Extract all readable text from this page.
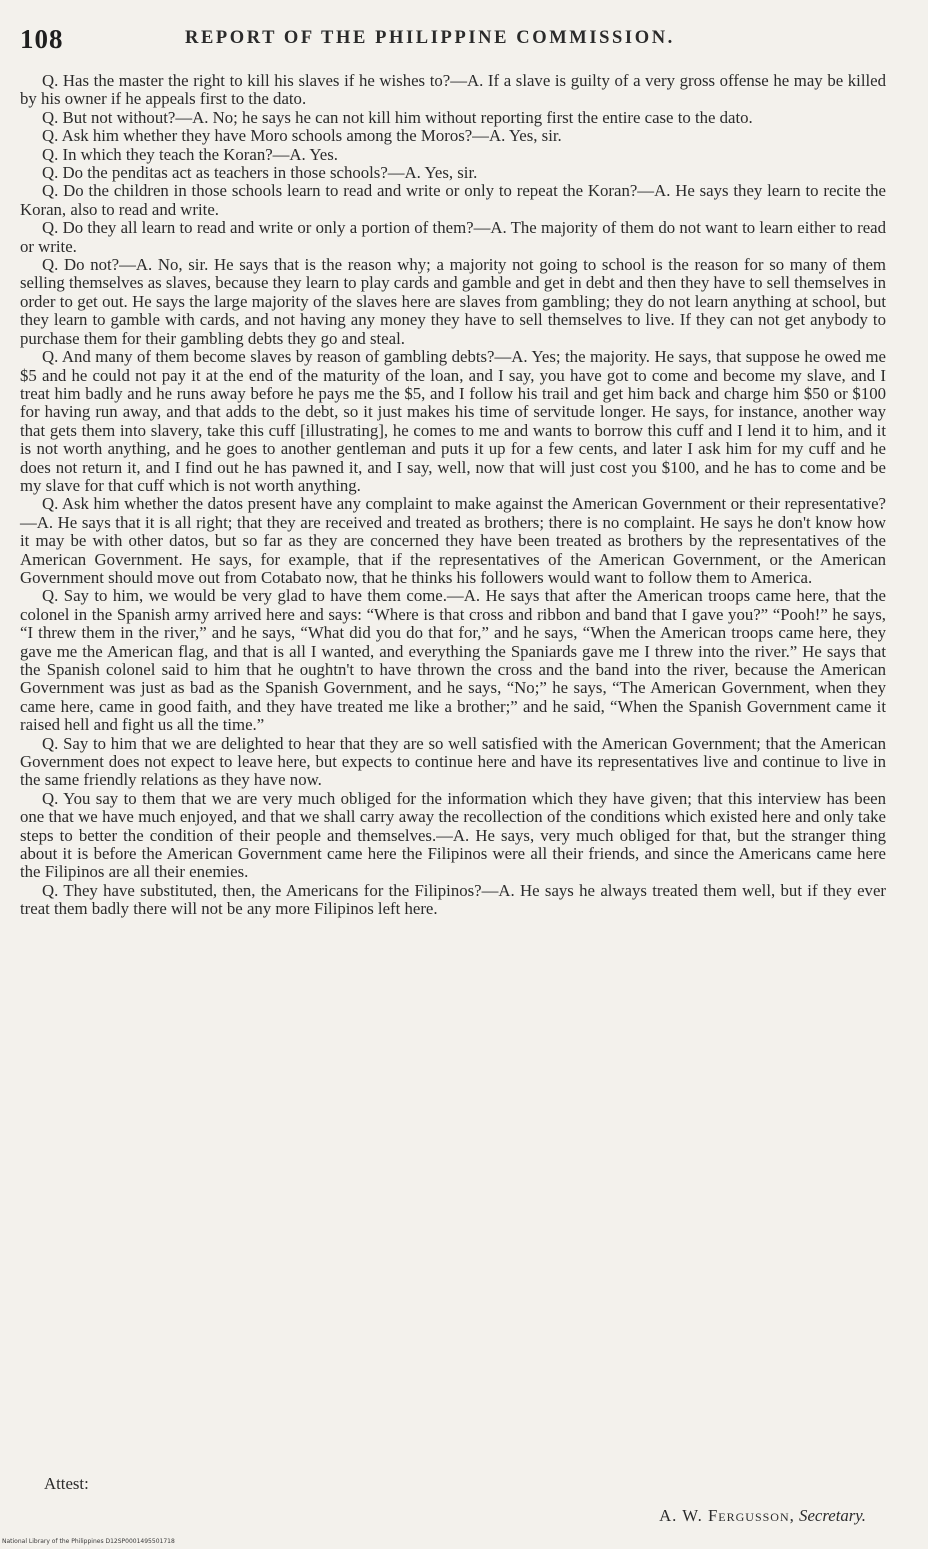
108	REPORT OF THE PHILIPPINE COMMISSION.

Q. Has the master the right to kill his slaves if he wishes to?—A. If a slave is guilty of a very gross offense he may be killed by his owner if he appeals first to the dato.

Q. But not without?—A. No; he says he can not kill him without reporting first the entire case to the dato.

Q. Ask him whether they have Moro schools among the Moros?—A. Yes, sir.

Q. In which they teach the Koran?—A. Yes.

Q. Do the penditas act as teachers in those schools?—A. Yes, sir.

Q. Do the children in those schools learn to read and write or only to repeat the Koran?—A. He says they learn to recite the Koran, also to read and write.

Q. Do they all learn to read and write or only a portion of them?—A. The majority of them do not want to learn either to read or write.

Q. Do not?—A. No, sir. He says that is the reason why; a majority not going to school is the reason for so many of them selling themselves as slaves, because they learn to play cards and gamble and get in debt and then they have to sell themselves in order to get out. He says the large majority of the slaves here are slaves from gambling; they do not learn anything at school, but they learn to gamble with cards, and not having any money they have to sell themselves to live. If they can not get anybody to purchase them for their gambling debts they go and steal.

Q. And many of them become slaves by reason of gambling debts?—A. Yes; the majority. He says, that suppose he owed me $5 and he could not pay it at the end of the maturity of the loan, and I say, you have got to come and become my slave, and I treat him badly and he runs away before he pays me the $5, and I follow his trail and get him back and charge him $50 or $100 for having run away, and that adds to the debt, so it just makes his time of servitude longer. He says, for instance, another way that gets them into slavery, take this cuff [illustrating], he comes to me and wants to borrow this cuff and I lend it to him, and it is not worth anything, and he goes to another gentleman and puts it up for a few cents, and later I ask him for my cuff and he does not return it, and I find out he has pawned it, and I say, well, now that will just cost you $100, and he has to come and be my slave for that cuff which is not worth anything.

Q. Ask him whether the datos present have any complaint to make against the American Government or their representative?—A. He says that it is all right; that they are received and treated as brothers; there is no complaint. He says he don't know how it may be with other datos, but so far as they are concerned they have been treated as brothers by the representatives of the American Government. He says, for example, that if the representatives of the American Government, or the American Government should move out from Cotabato now, that he thinks his followers would want to follow them to America.

Q. Say to him, we would be very glad to have them come.—A. He says that after the American troops came here, that the colonel in the Spanish army arrived here and says: “Where is that cross and ribbon and band that I gave you?” “Pooh!” he says, “I threw them in the river,” and he says, “What did you do that for,” and he says, “When the American troops came here, they gave me the American flag, and that is all I wanted, and everything the Spaniards gave me I threw into the river.” He says that the Spanish colonel said to him that he oughtn't to have thrown the cross and the band into the river, because the American Government was just as bad as the Spanish Government, and he says, “No;” he says, “The American Government, when they came here, came in good faith, and they have treated me like a brother;” and he said, “When the Spanish Government came it raised hell and fight us all the time.”

Q. Say to him that we are delighted to hear that they are so well satisfied with the American Government; that the American Government does not expect to leave here, but expects to continue here and have its representatives live and continue to live in the same friendly relations as they have now.

Q. You say to them that we are very much obliged for the information which they have given; that this interview has been one that we have much enjoyed, and that we shall carry away the recollection of the conditions which existed here and only take steps to better the condition of their people and themselves.—A. He says, very much obliged for that, but the stranger thing about it is before the American Government came here the Filipinos were all their friends, and since the Americans came here the Filipinos are all their enemies.

Q. They have substituted, then, the Americans for the Filipinos?—A. He says he always treated them well, but if they ever treat them badly there will not be any more Filipinos left here.

Attest:
A. W. Fergusson, Secretary.
National Library of the Philippines D12SP0001495501718
